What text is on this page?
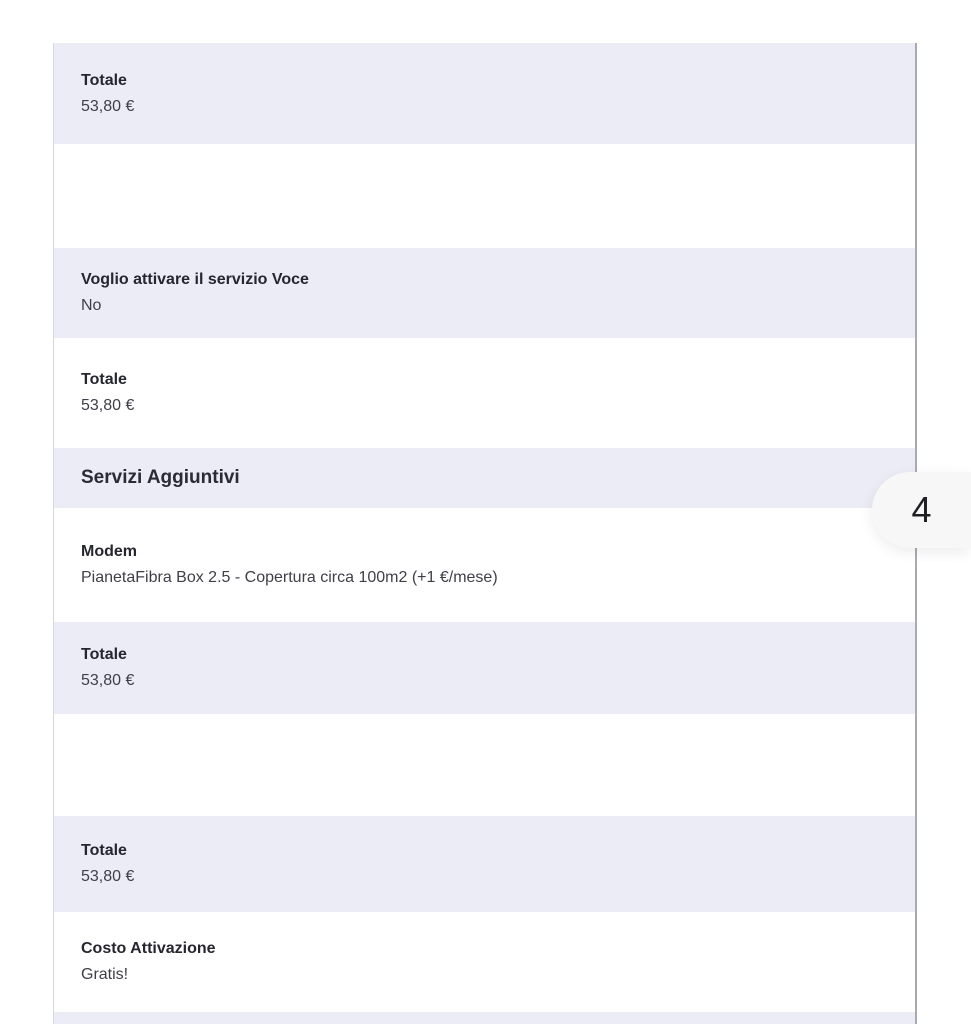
Totale
53,80 €
Voglio attivare il servizio Voce
No
Totale
53,80 €
Servizi Aggiuntivi
Modem
PianetaFibra Box 2.5 - Copertura circa 100m2 (+1 €/mese)
Totale
53,80 €
Totale
53,80 €
Costo Attivazione
Gratis!
4
